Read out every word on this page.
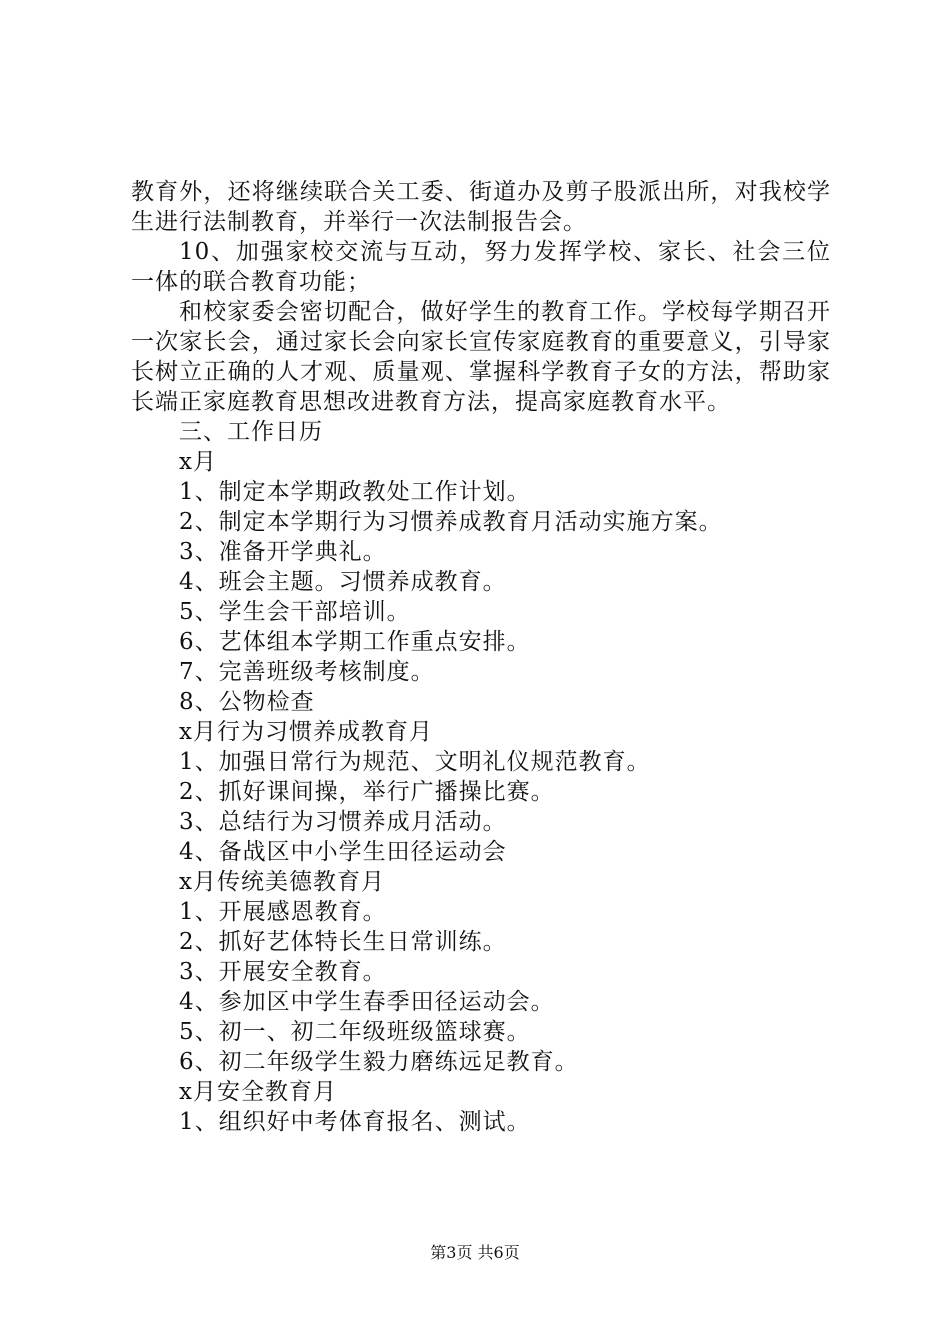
教育外，还将继续联合关工委、街道办及剪子股派出所，对我校学生进行法制教育，并举行一次法制报告会。

10、加强家校交流与互动，努力发挥学校、家长、社会三位一体的联合教育功能；

和校家委会密切配合，做好学生的教育工作。学校每学期召开一次家长会，通过家长会向家长宣传家庭教育的重要意义，引导家长树立正确的人才观、质量观、掌握科学教育子女的方法，帮助家长端正家庭教育思想改进教育方法，提高家庭教育水平。

三、工作日历

x月

1、制定本学期政教处工作计划。

2、制定本学期行为习惯养成教育月活动实施方案。

3、准备开学典礼。

4、班会主题。习惯养成教育。

5、学生会干部培训。

6、艺体组本学期工作重点安排。

7、完善班级考核制度。

8、公物检查

x月行为习惯养成教育月

1、加强日常行为规范、文明礼仪规范教育。

2、抓好课间操，举行广播操比赛。

3、总结行为习惯养成月活动。

4、备战区中小学生田径运动会

x月传统美德教育月

1、开展感恩教育。

2、抓好艺体特长生日常训练。

3、开展安全教育。

4、参加区中学生春季田径运动会。

5、初一、初二年级班级篮球赛。

6、初二年级学生毅力磨练远足教育。

x月安全教育月

1、组织好中考体育报名、测试。

第3页 共6页
